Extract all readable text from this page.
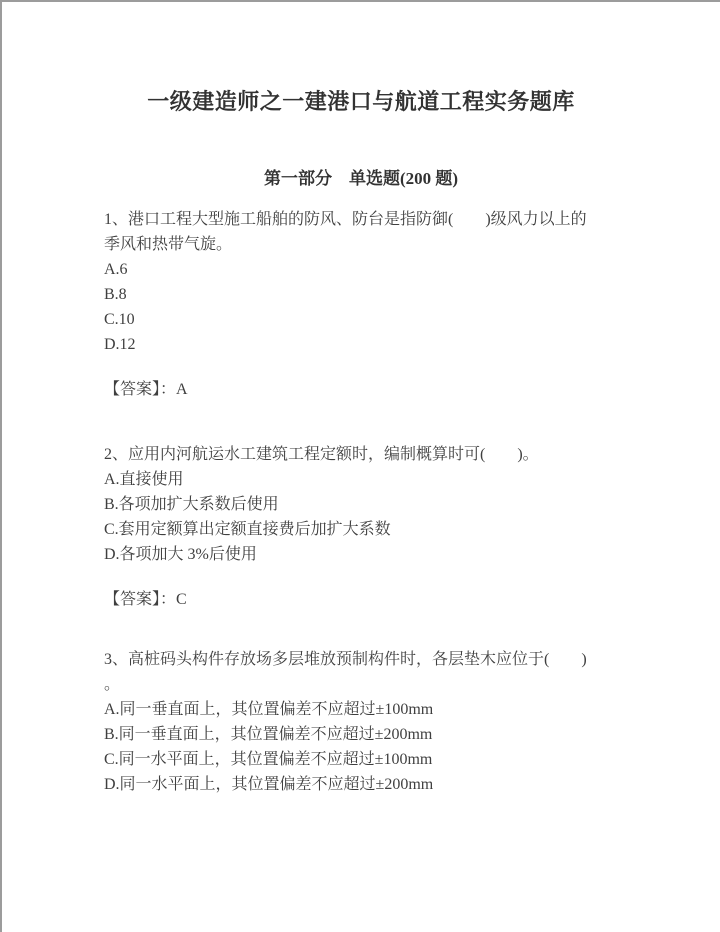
一级建造师之一建港口与航道工程实务题库
第一部分　单选题(200 题)
1、港口工程大型施工船舶的防风、防台是指防御(　　)级风力以上的
季风和热带气旋。
A.6
B.8
C.10
D.12
【答案】：A
2、应用内河航运水工建筑工程定额时，编制概算时可(　　)。
A.直接使用
B.各项加扩大系数后使用
C.套用定额算出定额直接费后加扩大系数
D.各项加大 3%后使用
【答案】：C
3、高桩码头构件存放场多层堆放预制构件时，各层垫木应位于(　　)
。
A.同一垂直面上，其位置偏差不应超过±100mm
B.同一垂直面上，其位置偏差不应超过±200mm
C.同一水平面上，其位置偏差不应超过±100mm
D.同一水平面上，其位置偏差不应超过±200mm
